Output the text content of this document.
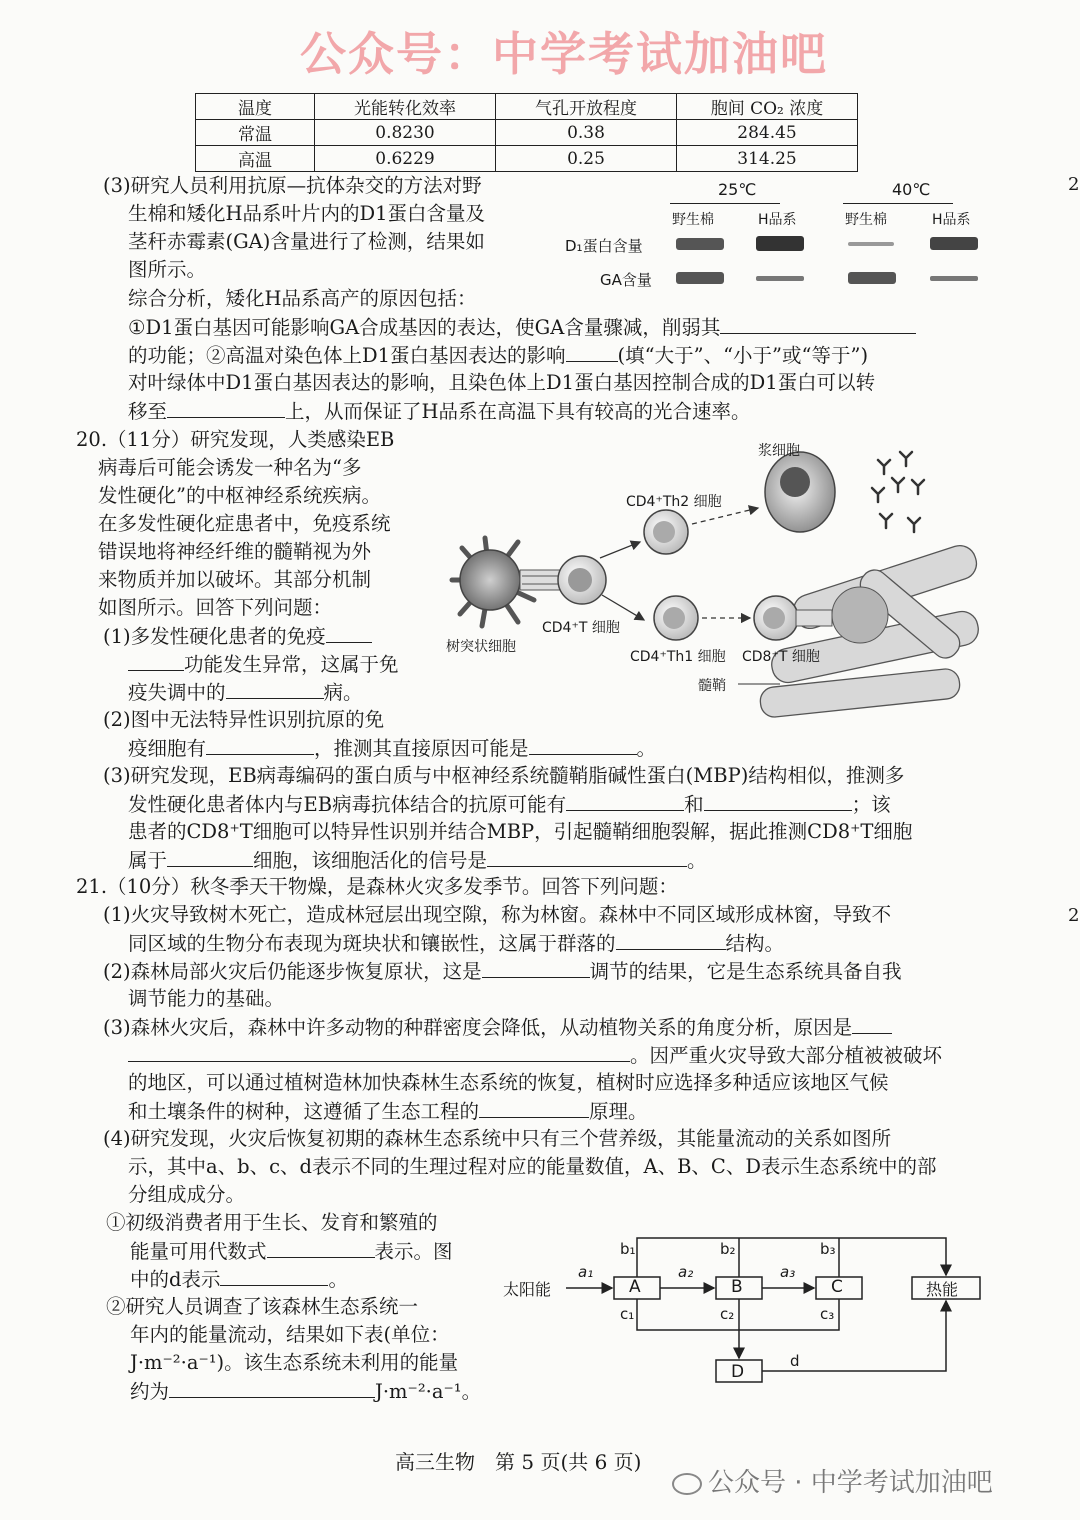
公众号：中学考试加油吧
温度	光能转化效率	气孔开放程度	胞间 CO₂ 浓度
常温	0.8230	0.38	284.45
高温	0.6229	0.25	314.25
2
2
(3)研究人员利用抗原—抗体杂交的方法对野
生棉和矮化H品系叶片内的D1蛋白含量及
茎秆赤霉素(GA)含量进行了检测，结果如
图所示。
综合分析，矮化H品系高产的原因包括：
①D1蛋白基因可能影响GA合成基因的表达，使GA含量骤减，削弱其
的功能；②高温对染色体上D1蛋白基因表达的影响	(填“大于”、“小于”或“等于”)
对叶绿体中D1蛋白基因表达的影响，且染色体上D1蛋白基因控制合成的D1蛋白可以转
移至	上，从而保证了H品系在高温下具有较高的光合速率。
25℃	40℃
野生棉	H品系	野生棉	H品系
D₁蛋白含量
GA含量
20.（11分）研究发现，人类感染EB
病毒后可能会诱发一种名为“多
发性硬化”的中枢神经系统疾病。
在多发性硬化症患者中，免疫系统
错误地将神经纤维的髓鞘视为外
来物质并加以破坏。其部分机制
如图所示。回答下列问题：
(1)多发性硬化患者的免疫
功能发生异常，这属于免
疫失调中的	病。
(2)图中无法特异性识别抗原的免
疫细胞有	，推测其直接原因可能是	。
(3)研究发现，EB病毒编码的蛋白质与中枢神经系统髓鞘脂碱性蛋白(MBP)结构相似，推测多
发性硬化患者体内与EB病毒抗体结合的抗原可能有	和	；该
患者的CD8⁺T细胞可以特异性识别并结合MBP，引起髓鞘细胞裂解，据此推测CD8⁺T细胞
属于	细胞，该细胞活化的信号是	。
浆细胞
CD4⁺Th2 细胞
CD4⁺T 细胞
树突状细胞
CD4⁺Th1 细胞 CD8⁺T 细胞
髓鞘
21.（10分）秋冬季天干物燥，是森林火灾多发季节。回答下列问题：
(1)火灾导致树木死亡，造成林冠层出现空隙，称为林窗。森林中不同区域形成林窗，导致不
同区域的生物分布表现为斑块状和镶嵌性，这属于群落的	结构。
(2)森林局部火灾后仍能逐步恢复原状，这是	调节的结果，它是生态系统具备自我
调节能力的基础。
(3)森林火灾后，森林中许多动物的种群密度会降低，从动植物关系的角度分析，原因是
。因严重火灾导致大部分植被被破坏
的地区，可以通过植树造林加快森林生态系统的恢复，植树时应选择多种适应该地区气候
和土壤条件的树种，这遵循了生态工程的	原理。
(4)研究发现，火灾后恢复初期的森林生态系统中只有三个营养级，其能量流动的关系如图所
示，其中a、b、c、d表示不同的生理过程对应的能量数值，A、B、C、D表示生态系统中的部
分组成成分。
①初级消费者用于生长、发育和繁殖的
能量可用代数式	表示。图
中的d表示	。
②研究人员调查了该森林生态系统一
年内的能量流动，结果如下表(单位：
J·m⁻²·a⁻¹)。该生态系统未利用的能量
约为	J·m⁻²·a⁻¹。
太阳能	A	B	C	热能
D
a₁	a₂	a₃
b₁	b₂	b₃
c₁	c₂	c₃
d
高三生物　第 5 页(共 6 页)
公众号 · 中学考试加油吧
